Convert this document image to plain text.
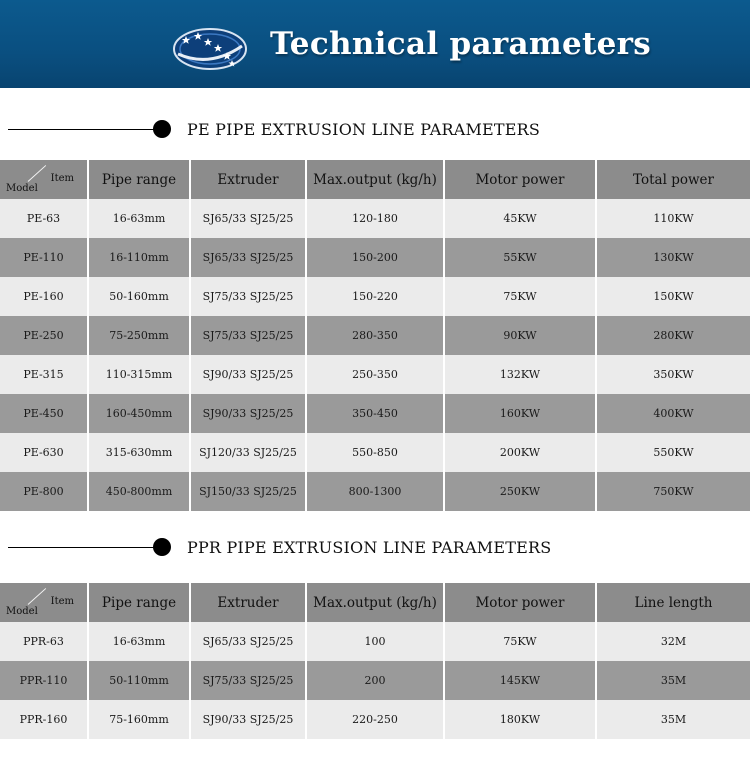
Technical parameters
PE PIPE EXTRUSION LINE PARAMETERS
Item
Model	Pipe range	Extruder	Max.output (kg/h)	Motor power	Total power
PE-63	16-63mm	SJ65/33 SJ25/25	120-180	45KW	110KW
PE-110	16-110mm	SJ65/33 SJ25/25	150-200	55KW	130KW
PE-160	50-160mm	SJ75/33 SJ25/25	150-220	75KW	150KW
PE-250	75-250mm	SJ75/33 SJ25/25	280-350	90KW	280KW
PE-315	110-315mm	SJ90/33 SJ25/25	250-350	132KW	350KW
PE-450	160-450mm	SJ90/33 SJ25/25	350-450	160KW	400KW
PE-630	315-630mm	SJ120/33 SJ25/25	550-850	200KW	550KW
PE-800	450-800mm	SJ150/33 SJ25/25	800-1300	250KW	750KW
PPR PIPE EXTRUSION LINE PARAMETERS
Item
Model	Pipe range	Extruder	Max.output (kg/h)	Motor power	Line length
PPR-63	16-63mm	SJ65/33 SJ25/25	100	75KW	32M
PPR-110	50-110mm	SJ75/33 SJ25/25	200	145KW	35M
PPR-160	75-160mm	SJ90/33 SJ25/25	220-250	180KW	35M
